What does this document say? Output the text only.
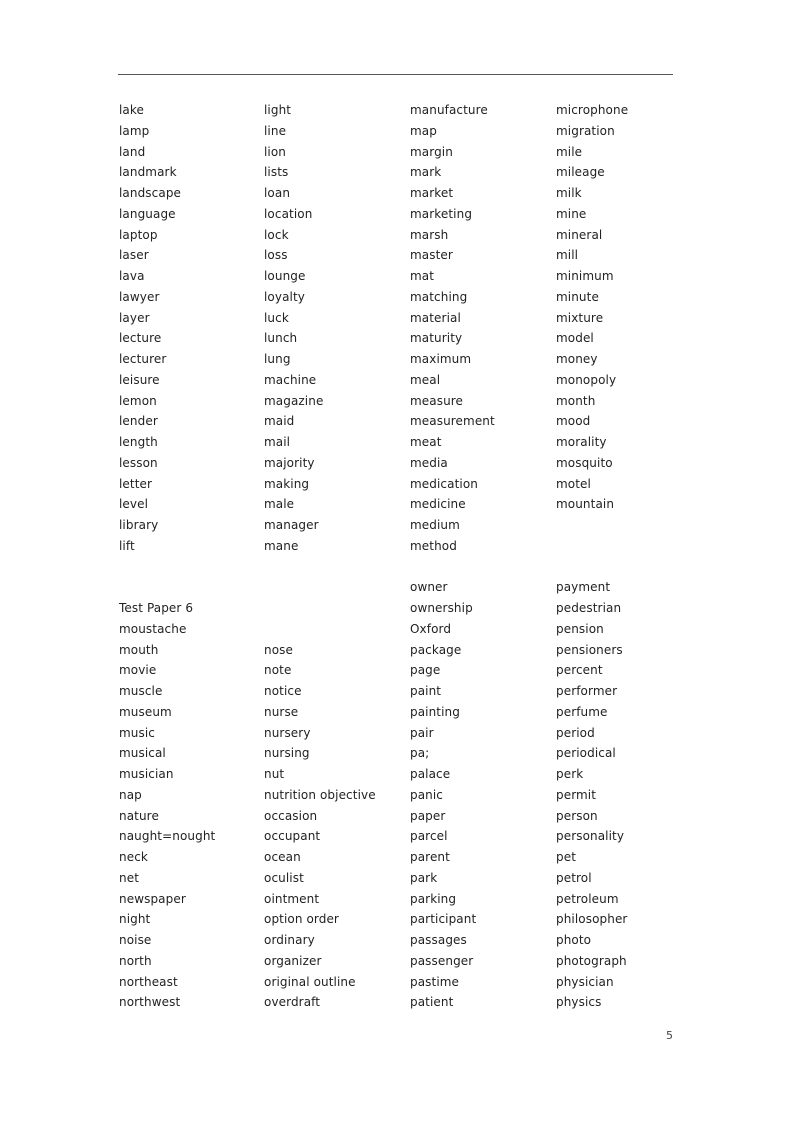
lake
lamp
land
landmark
landscape
language
laptop
laser
lava
lawyer
layer
lecture
lecturer
leisure
lemon
lender
length
lesson
letter
level
library
lift
Test Paper 6
moustache
mouth
movie
muscle
museum
music
musical
musician
nap
nature
naught=nought
neck
net
newspaper
night
noise
north
northeast
northwest
light
line
lion
lists
loan
location
lock
loss
lounge
loyalty
luck
lunch
lung
machine
magazine
maid
mail
majority
making
male
manager
mane
nose
note
notice
nurse
nursery
nursing
nut
nutrition objective
occasion
occupant
ocean
oculist
ointment
option order
ordinary
organizer
original outline
overdraft
manufacture
map
margin
mark
market
marketing
marsh
master
mat
matching
material
maturity
maximum
meal
measure
measurement
meat
media
medication
medicine
medium
method
owner
ownership
Oxford
package
page
paint
painting
pair
pa;
palace
panic
paper
parcel
parent
park
parking
participant
passages
passenger
pastime
patient
microphone
migration
mile
mileage
milk
mine
mineral
mill
minimum
minute
mixture
model
money
monopoly
month
mood
morality
mosquito
motel
mountain
payment
pedestrian
pension
pensioners
percent
performer
perfume
period
periodical
perk
permit
person
personality
pet
petrol
petroleum
philosopher
photo
photograph
physician
physics
5
